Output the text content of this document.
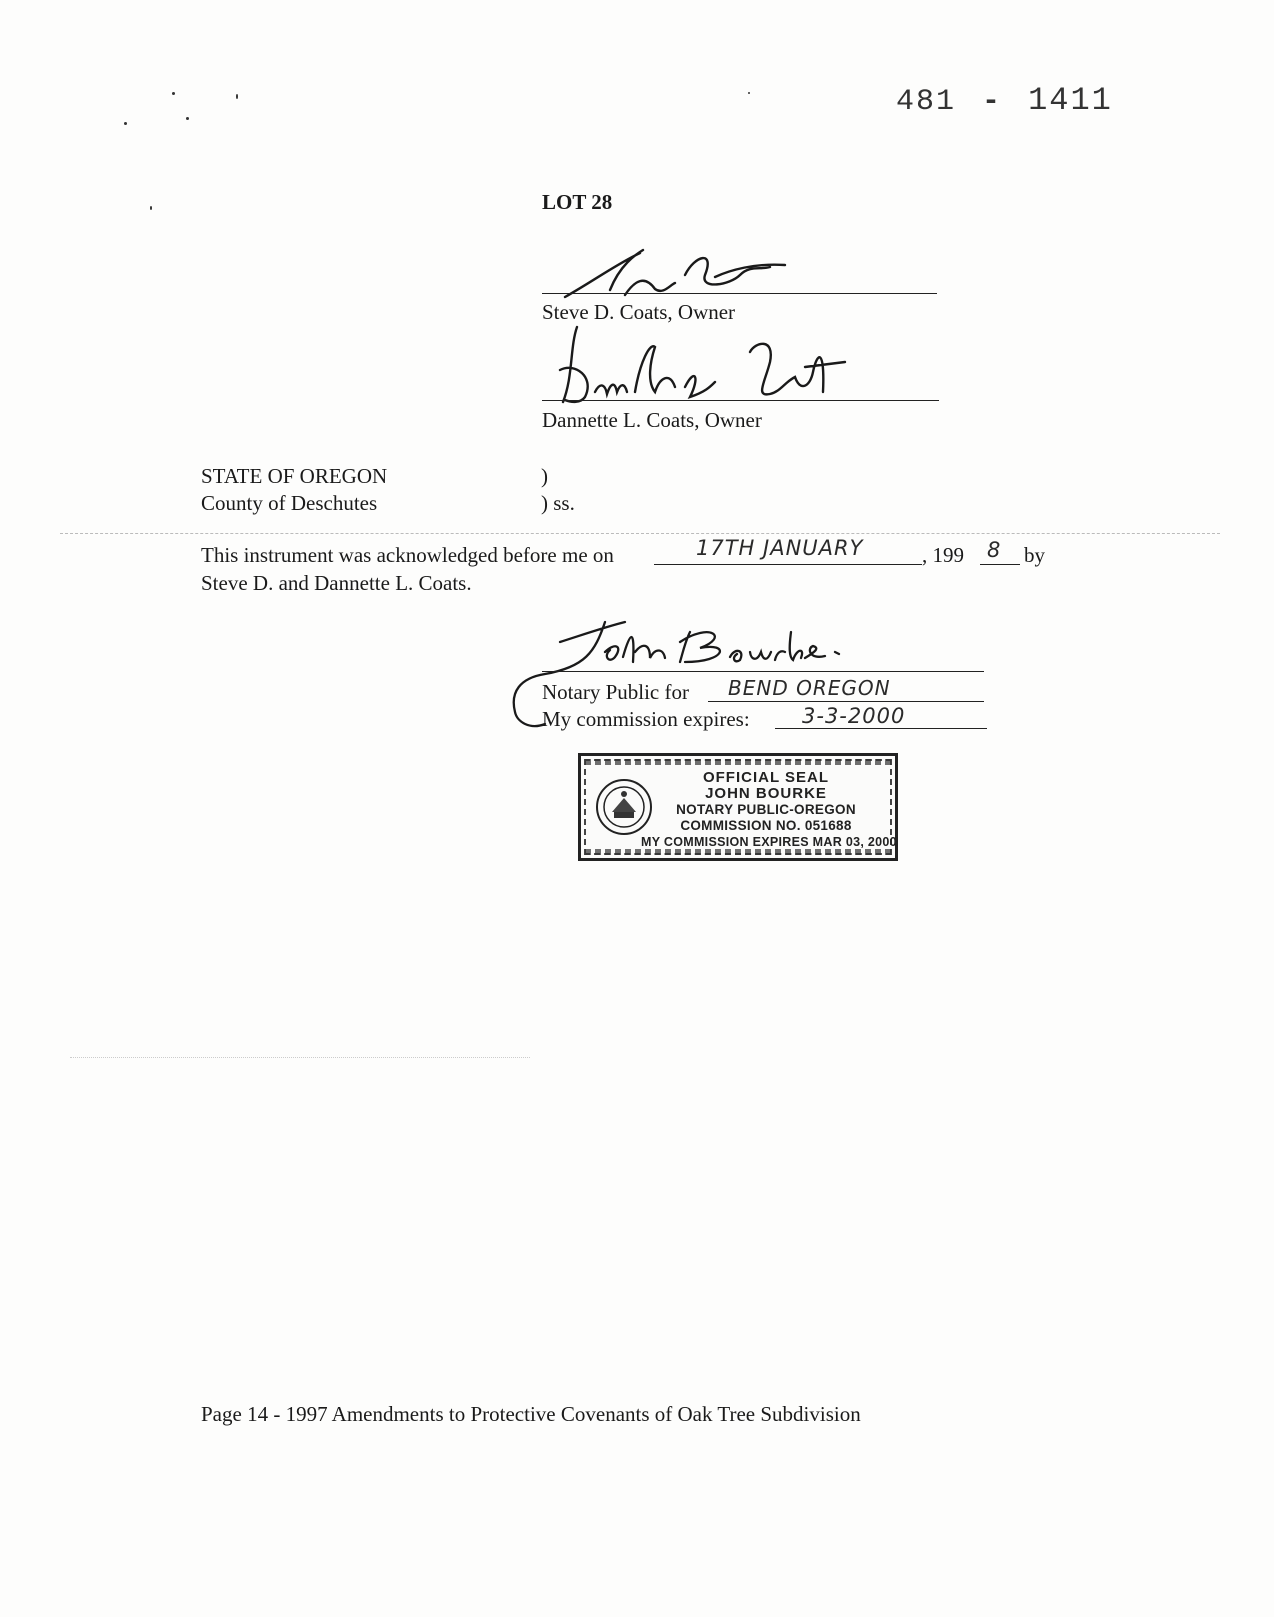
481 - 1411
LOT 28
Steve D. Coats, Owner
Dannette L. Coats, Owner
STATE OF OREGON
County of Deschutes
)
) ss.
This instrument was acknowledged before me on	17TH JANUARY	, 199 8 by
Steve D. and Dannette L. Coats.
Notary Public for BEND OREGON
My commission expires: 3-3-2000
OFFICIAL SEAL
JOHN BOURKE
NOTARY PUBLIC-OREGON
COMMISSION NO. 051688
MY COMMISSION EXPIRES MAR 03, 2000
Page 14 - 1997 Amendments to Protective Covenants of Oak Tree Subdivision
